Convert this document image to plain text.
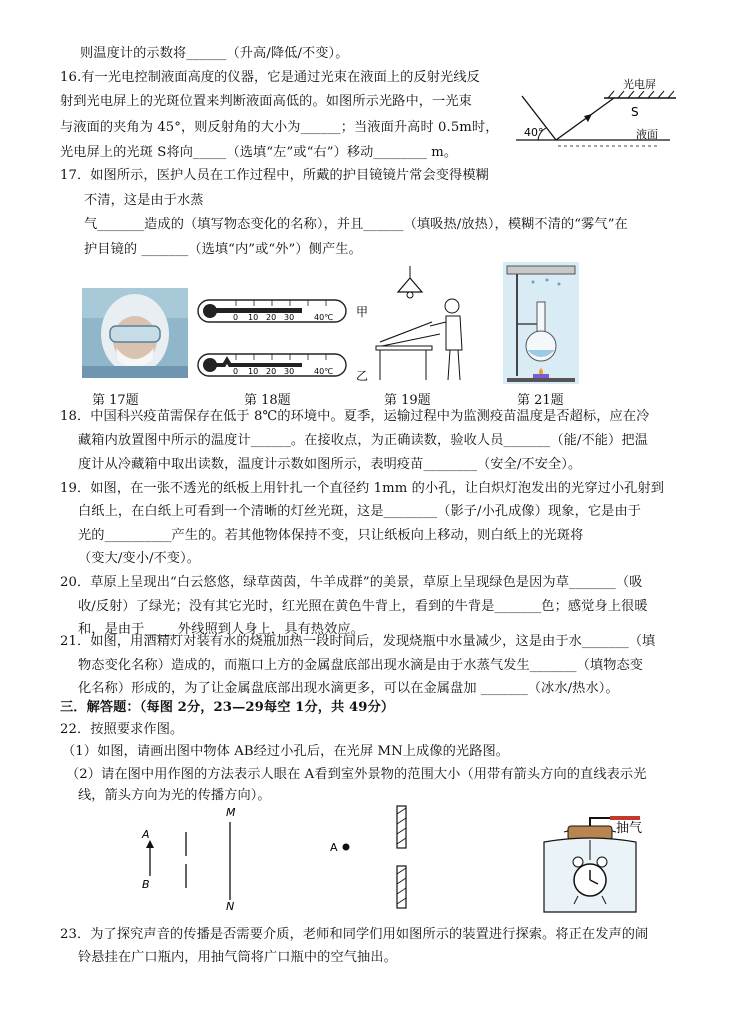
则温度计的示数将______（升高/降低/不变）。
16.有一光电控制液面高度的仪器，它是通过光束在液面上的反射光线反
射到光电屏上的光斑位置来判断液面高低的。如图所示光路中，一光束
与液面的夹角为 45°，则反射角的大小为______；当液面升高时 0.5m时，
光电屏上的光斑 S将向_____（选填“左”或“右”）移动________ m。
17．如图所示，医护人员在工作过程中，所戴的护目镜镜片常会变得模糊
不清，这是由于水蒸
气_______造成的（填写物态变化的名称），并且______（填吸热/放热），模糊不清的“雾气”在
护目镜的 _______（选填“内”或“外”）侧产生。
18．中国科兴疫苗需保存在低于 8℃的环境中。夏季，运输过程中为监测疫苗温度是否超标，应在冷
藏箱内放置图中所示的温度计______。在接收点，为正确读数，验收人员_______（能/不能）把温
度计从冷藏箱中取出读数，温度计示数如图所示，表明疫苗________（安全/不安全）。
19．如图，在一张不透光的纸板上用针扎一个直径约 1mm 的小孔，让白炽灯泡发出的光穿过小孔射到
白纸上，在白纸上可看到一个清晰的灯丝光斑，这是________（影子/小孔成像）现象，它是由于
光的__________产生的。若其他物体保持不变，只让纸板向上移动，则白纸上的光斑将
（变大/变小/不变）。
20．草原上呈现出“白云悠悠，绿草茵茵，牛羊成群”的美景，草原上呈现绿色是因为草_______（吸
收/反射）了绿光；没有其它光时，红光照在黄色牛背上，看到的牛背是_______色；感觉身上很暖
和，是由于_____外线照到人身上，具有热效应。
21．如图，用酒精灯对装有水的烧瓶加热一段时间后，发现烧瓶中水量减少，这是由于水_______（填
物态变化名称）造成的，而瓶口上方的金属盘底部出现水滴是由于水蒸气发生_______（填物态变
化名称）形成的，为了让金属盘底部出现水滴更多，可以在金属盘加 _______（冰水/热水）。
三．解答题：（每图 2分，23—29每空 1分，共 49分）
22．按照要求作图。
（1）如图，请画出图中物体 AB经过小孔后，在光屏 MN上成像的光路图。
（2）请在图中用作图的方法表示人眼在 A看到室外景物的范围大小（用带有箭头方向的直线表示光
线，箭头方向为光的传播方向）。
23．为了探究声音的传播是否需要介质，老师和同学们用如图所示的装置进行探索。将正在发声的闹
铃悬挂在广口瓶内，用抽气筒将广口瓶中的空气抽出。
光电屏
40°
S
液面
第 17题
0 10 20 30 40℃ 甲
0 10 20 30 40℃ 乙
第 18题	第 19题	第 21题
A
B
M
N
A
抽气
